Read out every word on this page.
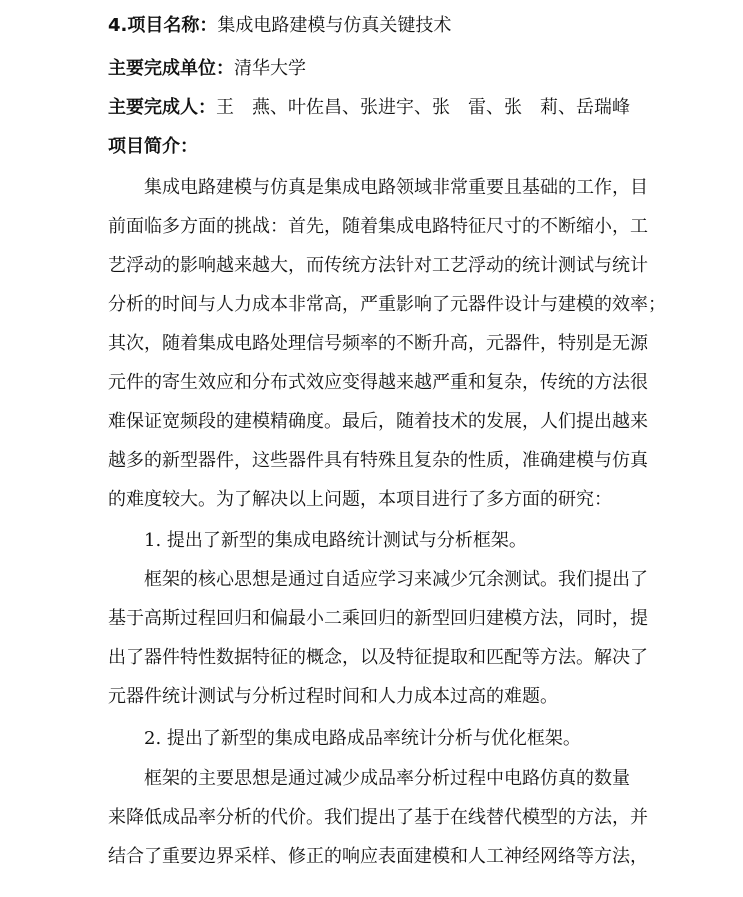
4.项目名称：集成电路建模与仿真关键技术
主要完成单位：清华大学
主要完成人：王　燕、叶佐昌、张进宇、张　雷、张　莉、岳瑞峰
项目简介：
集成电路建模与仿真是集成电路领域非常重要且基础的工作，目
前面临多方面的挑战：首先，随着集成电路特征尺寸的不断缩小，工
艺浮动的影响越来越大，而传统方法针对工艺浮动的统计测试与统计
分析的时间与人力成本非常高，严重影响了元器件设计与建模的效率；
其次，随着集成电路处理信号频率的不断升高，元器件，特别是无源
元件的寄生效应和分布式效应变得越来越严重和复杂，传统的方法很
难保证宽频段的建模精确度。最后，随着技术的发展，人们提出越来
越多的新型器件，这些器件具有特殊且复杂的性质，准确建模与仿真
的难度较大。为了解决以上问题，本项目进行了多方面的研究：
1. 提出了新型的集成电路统计测试与分析框架。
框架的核心思想是通过自适应学习来减少冗余测试。我们提出了
基于高斯过程回归和偏最小二乘回归的新型回归建模方法，同时，提
出了器件特性数据特征的概念，以及特征提取和匹配等方法。解决了
元器件统计测试与分析过程时间和人力成本过高的难题。
2. 提出了新型的集成电路成品率统计分析与优化框架。
框架的主要思想是通过减少成品率分析过程中电路仿真的数量
来降低成品率分析的代价。我们提出了基于在线替代模型的方法，并
结合了重要边界采样、修正的响应表面建模和人工神经网络等方法，
